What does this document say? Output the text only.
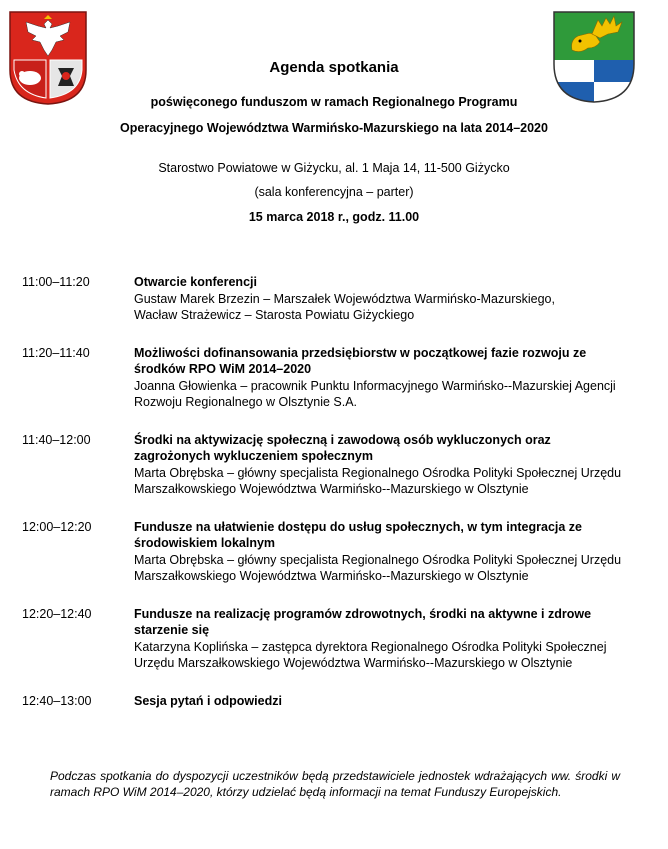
Agenda spotkania
poświęconego funduszom w ramach Regionalnego Programu
Operacyjnego Województwa Warmińsko-Mazurskiego na lata 2014–2020
Starostwo Powiatowe w Giżycku, al. 1 Maja 14, 11-500 Giżycko
(sala konferencyjna – parter)
15 marca 2018 r., godz. 11.00
11:00–11:20	Otwarcie konferencji
Gustaw Marek Brzezin – Marszałek Województwa Warmińsko-Mazurskiego,
Wacław Strażewicz – Starosta Powiatu Giżyckiego
11:20–11:40	Możliwości dofinansowania przedsiębiorstw w początkowej fazie rozwoju ze środków RPO WiM 2014–2020
Joanna Głowienka – pracownik Punktu Informacyjnego Warmińsko--Mazurskiej Agencji Rozwoju Regionalnego w Olsztynie S.A.
11:40–12:00	Środki na aktywizację społeczną i zawodową osób wykluczonych oraz zagrożonych wykluczeniem społecznym
Marta Obrębska – główny specjalista Regionalnego Ośrodka Polityki Społecznej Urzędu Marszałkowskiego Województwa Warmińsko--Mazurskiego w Olsztynie
12:00–12:20	Fundusze na ułatwienie dostępu do usług społecznych, w tym integracja ze środowiskiem lokalnym
Marta Obrębska – główny specjalista Regionalnego Ośrodka Polityki Społecznej Urzędu Marszałkowskiego Województwa Warmińsko--Mazurskiego w Olsztynie
12:20–12:40	Fundusze na realizację programów zdrowotnych, środki na aktywne i zdrowe starzenie się
Katarzyna Koplińska – zastępca dyrektora Regionalnego Ośrodka Polityki Społecznej Urzędu Marszałkowskiego Województwa Warmińsko--Mazurskiego w Olsztynie
12:40–13:00	Sesja pytań i odpowiedzi
Podczas spotkania do dyspozycji uczestników będą przedstawiciele jednostek wdrażających ww. środki w ramach RPO WiM 2014–2020, którzy udzielać będą informacji na temat Funduszy Europejskich.
